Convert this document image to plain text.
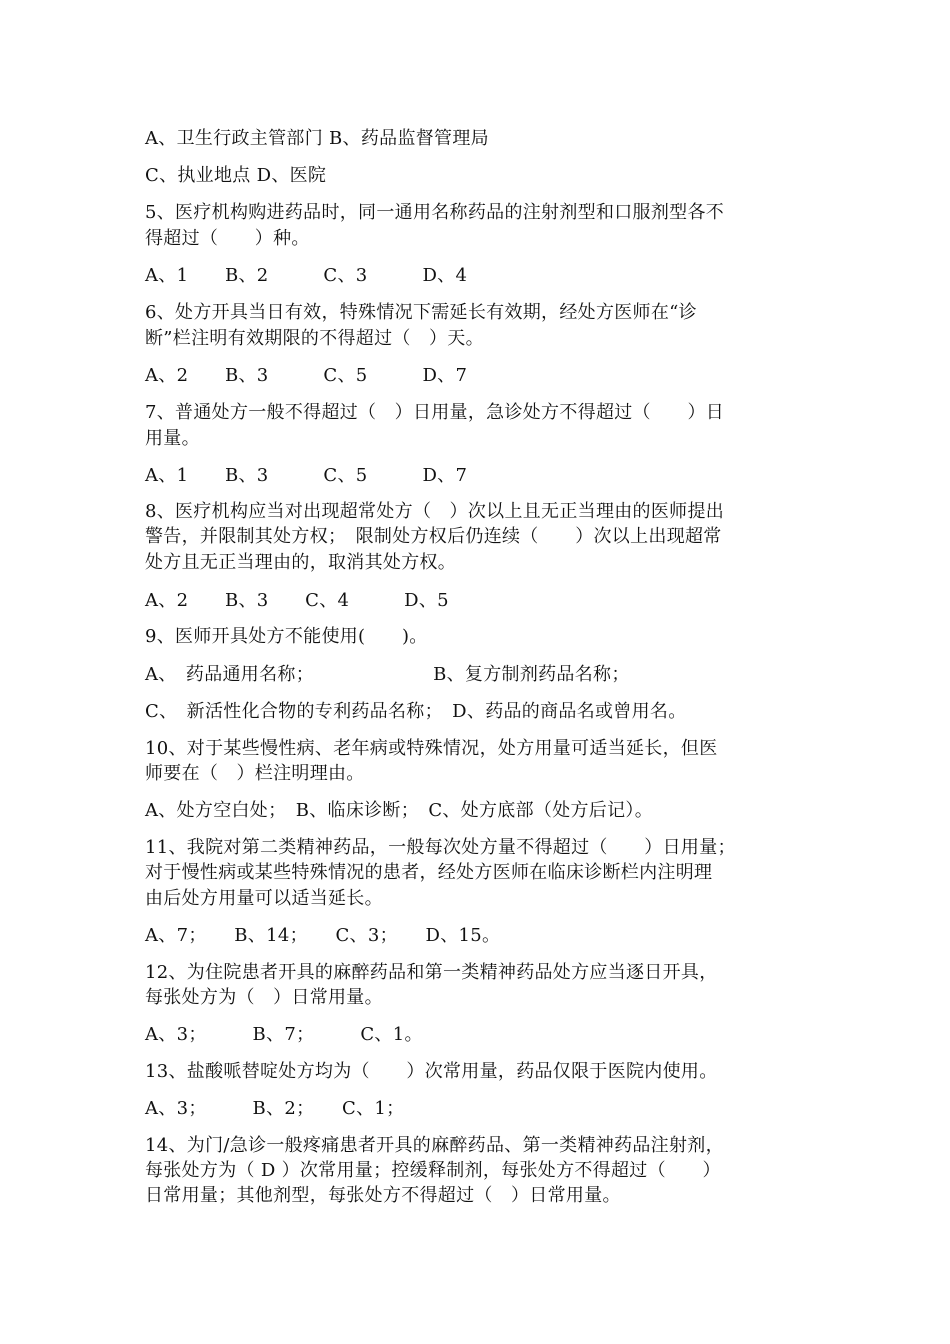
A、卫生行政主管部门 B、药品监督管理局
C、执业地点 D、医院
5、医疗机构购进药品时，同一通用名称药品的注射剂型和口服剂型各不
得超过（　　）种。
A、1　　B、2　　　C、3　　　D、4
6、处方开具当日有效，特殊情况下需延长有效期，经处方医师在“诊
断”栏注明有效期限的不得超过（　）天。
A、2　　B、3　　　C、5　　　D、7
7、普通处方一般不得超过（　）日用量，急诊处方不得超过（　　）日
用量。
A、1　　B、3　　　C、5　　　D、7
8、医疗机构应当对出现超常处方（　）次以上且无正当理由的医师提出
警告，并限制其处方权；　限制处方权后仍连续（　　）次以上出现超常
处方且无正当理由的，取消其处方权。
A、2　　B、3　　C、4　　　D、5
9、医师开具处方不能使用(　　)。
A、　药品通用名称；　　　　　　　B、复方制剂药品名称；
C、　新活性化合物的专利药品名称；　D、药品的商品名或曾用名。
10、对于某些慢性病、老年病或特殊情况，处方用量可适当延长，但医
师要在（　）栏注明理由。
A、处方空白处；　B、临床诊断；　C、处方底部（处方后记）。
11、我院对第二类精神药品，一般每次处方量不得超过（　　）日用量；
对于慢性病或某些特殊情况的患者，经处方医师在临床诊断栏内注明理
由后处方用量可以适当延长。
A、7；　　B、14；　　C、3；　　D、15。
12、为住院患者开具的麻醉药品和第一类精神药品处方应当逐日开具，
每张处方为（　）日常用量。
A、3；　　　B、7；　　　C、1。
13、盐酸哌替啶处方均为（　　）次常用量，药品仅限于医院内使用。
A、3；　　　B、2；　　C、1；
14、为门/急诊一般疼痛患者开具的麻醉药品、第一类精神药品注射剂，
每张处方为（ D ）次常用量；控缓释制剂，每张处方不得超过（　　）
日常用量；其他剂型，每张处方不得超过（　）日常用量。
